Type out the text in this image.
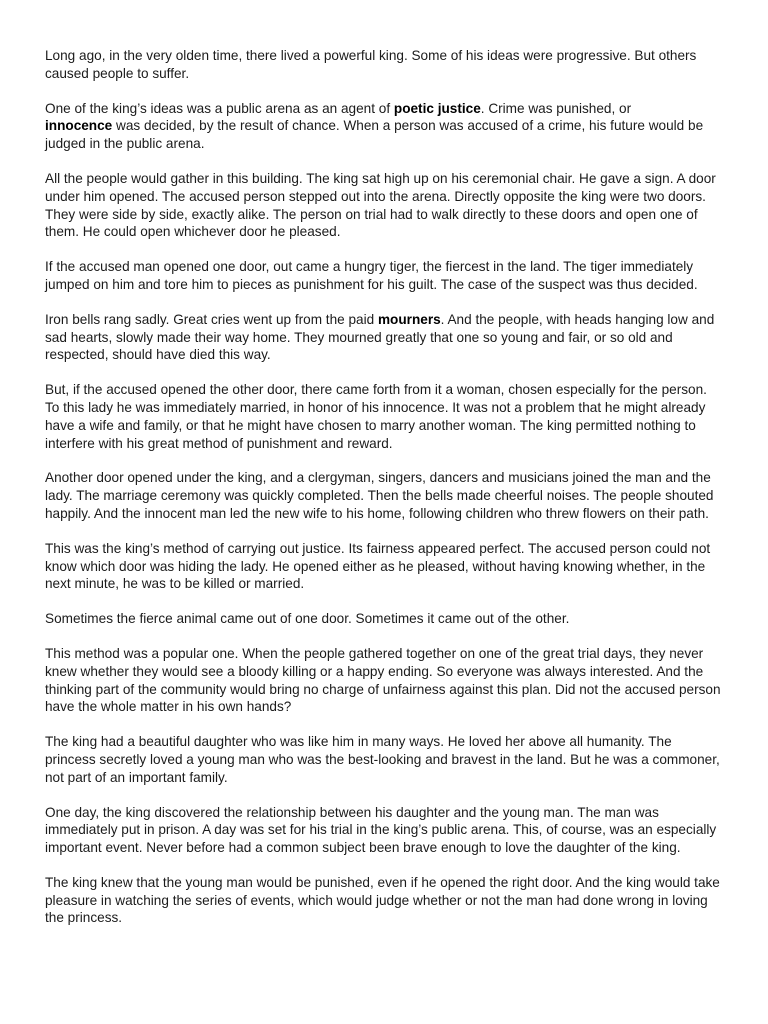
Long ago, in the very olden time, there lived a powerful king. Some of his ideas were progressive. But others caused people to suffer.

One of the king’s ideas was a public arena as an agent of poetic justice. Crime was punished, or
innocence was decided, by the result of chance. When a person was accused of a crime, his future would be judged in the public arena.

All the people would gather in this building. The king sat high up on his ceremonial chair. He gave a sign. A door under him opened. The accused person stepped out into the arena. Directly opposite the king were two doors. They were side by side, exactly alike. The person on trial had to walk directly to these doors and open one of them. He could open whichever door he pleased.

If the accused man opened one door, out came a hungry tiger, the fiercest in the land. The tiger immediately jumped on him and tore him to pieces as punishment for his guilt. The case of the suspect was thus decided.

Iron bells rang sadly. Great cries went up from the paid mourners. And the people, with heads hanging low and sad hearts, slowly made their way home. They mourned greatly that one so young and fair, or so old and respected, should have died this way.

But, if the accused opened the other door, there came forth from it a woman, chosen especially for the person. To this lady he was immediately married, in honor of his innocence. It was not a problem that he might already have a wife and family, or that he might have chosen to marry another woman. The king permitted nothing to interfere with his great method of punishment and reward.

Another door opened under the king, and a clergyman, singers, dancers and musicians joined the man and the lady. The marriage ceremony was quickly completed. Then the bells made cheerful noises. The people shouted happily. And the innocent man led the new wife to his home, following children who threw flowers on their path.

This was the king’s method of carrying out justice. Its fairness appeared perfect. The accused person could not know which door was hiding the lady. He opened either as he pleased, without having knowing whether, in the next minute, he was to be killed or married.

Sometimes the fierce animal came out of one door. Sometimes it came out of the other.

This method was a popular one. When the people gathered together on one of the great trial days, they never knew whether they would see a bloody killing or a happy ending. So everyone was always interested. And the thinking part of the community would bring no charge of unfairness against this plan. Did not the accused person have the whole matter in his own hands?

The king had a beautiful daughter who was like him in many ways. He loved her above all humanity. The princess secretly loved a young man who was the best-looking and bravest in the land. But he was a commoner, not part of an important family.

One day, the king discovered the relationship between his daughter and the young man. The man was immediately put in prison. A day was set for his trial in the king’s public arena. This, of course, was an especially important event. Never before had a common subject been brave enough to love the daughter of the king.

The king knew that the young man would be punished, even if he opened the right door. And the king would take pleasure in watching the series of events, which would judge whether or not the man had done wrong in loving the princess.
